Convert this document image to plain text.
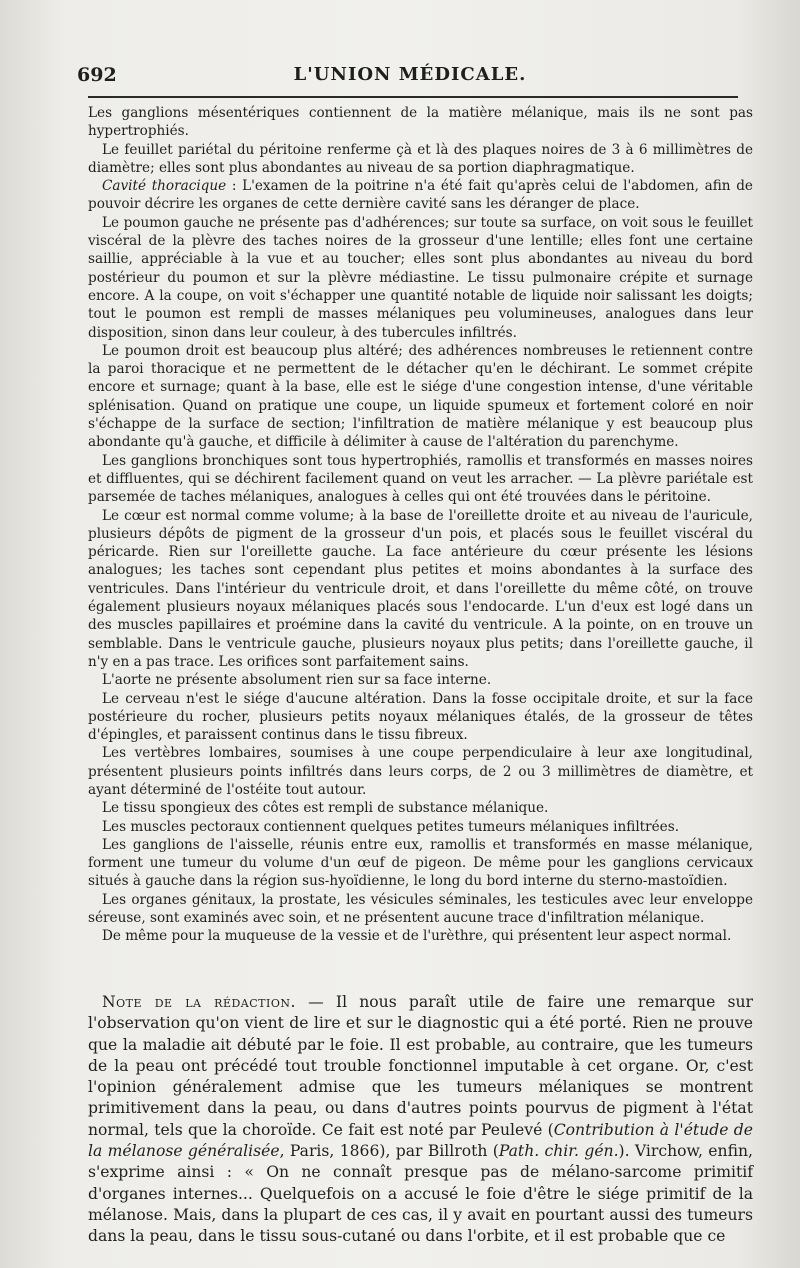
692	L'UNION MÉDICALE.

Les ganglions mésentériques contiennent de la matière mélanique, mais ils ne sont pas hypertrophiés.

Le feuillet pariétal du péritoine renferme çà et là des plaques noires de 3 à 6 millimètres de diamètre; elles sont plus abondantes au niveau de sa portion diaphragmatique.

Cavité thoracique : L'examen de la poitrine n'a été fait qu'après celui de l'abdomen, afin de pouvoir décrire les organes de cette dernière cavité sans les déranger de place.

Le poumon gauche ne présente pas d'adhérences; sur toute sa surface, on voit sous le feuillet viscéral de la plèvre des taches noires de la grosseur d'une lentille; elles font une certaine saillie, appréciable à la vue et au toucher; elles sont plus abondantes au niveau du bord postérieur du poumon et sur la plèvre médiastine. Le tissu pulmonaire crépite et surnage encore. A la coupe, on voit s'échapper une quantité notable de liquide noir salissant les doigts; tout le poumon est rempli de masses mélaniques peu volumineuses, analogues dans leur disposition, sinon dans leur couleur, à des tubercules infiltrés.

Le poumon droit est beaucoup plus altéré; des adhérences nombreuses le retiennent contre la paroi thoracique et ne permettent de le détacher qu'en le déchirant. Le sommet crépite encore et surnage; quant à la base, elle est le siége d'une congestion intense, d'une véritable splénisation. Quand on pratique une coupe, un liquide spumeux et fortement coloré en noir s'échappe de la surface de section; l'infiltration de matière mélanique y est beaucoup plus abondante qu'à gauche, et difficile à délimiter à cause de l'altération du parenchyme.

Les ganglions bronchiques sont tous hypertrophiés, ramollis et transformés en masses noires et diffluentes, qui se déchirent facilement quand on veut les arracher. — La plèvre pariétale est parsemée de taches mélaniques, analogues à celles qui ont été trouvées dans le péritoine.

Le cœur est normal comme volume; à la base de l'oreillette droite et au niveau de l'auricule, plusieurs dépôts de pigment de la grosseur d'un pois, et placés sous le feuillet viscéral du péricarde. Rien sur l'oreillette gauche. La face antérieure du cœur présente les lésions analogues; les taches sont cependant plus petites et moins abondantes à la surface des ventricules. Dans l'intérieur du ventricule droit, et dans l'oreillette du même côté, on trouve également plusieurs noyaux mélaniques placés sous l'endocarde. L'un d'eux est logé dans un des muscles papillaires et proémine dans la cavité du ventricule. A la pointe, on en trouve un semblable. Dans le ventricule gauche, plusieurs noyaux plus petits; dans l'oreillette gauche, il n'y en a pas trace. Les orifices sont parfaitement sains.

L'aorte ne présente absolument rien sur sa face interne.

Le cerveau n'est le siége d'aucune altération. Dans la fosse occipitale droite, et sur la face postérieure du rocher, plusieurs petits noyaux mélaniques étalés, de la grosseur de têtes d'épingles, et paraissent continus dans le tissu fibreux.

Les vertèbres lombaires, soumises à une coupe perpendiculaire à leur axe longitudinal, présentent plusieurs points infiltrés dans leurs corps, de 2 ou 3 millimètres de diamètre, et ayant déterminé de l'ostéite tout autour.

Le tissu spongieux des côtes est rempli de substance mélanique.

Les muscles pectoraux contiennent quelques petites tumeurs mélaniques infiltrées.

Les ganglions de l'aisselle, réunis entre eux, ramollis et transformés en masse mélanique, forment une tumeur du volume d'un œuf de pigeon. De même pour les ganglions cervicaux situés à gauche dans la région sus-hyoïdienne, le long du bord interne du sterno-mastoïdien.

Les organes génitaux, la prostate, les vésicules séminales, les testicules avec leur enveloppe séreuse, sont examinés avec soin, et ne présentent aucune trace d'infiltration mélanique.

De même pour la muqueuse de la vessie et de l'urèthre, qui présentent leur aspect normal.

Note de la rédaction. — Il nous paraît utile de faire une remarque sur l'observation qu'on vient de lire et sur le diagnostic qui a été porté. Rien ne prouve que la maladie ait débuté par le foie. Il est probable, au contraire, que les tumeurs de la peau ont précédé tout trouble fonctionnel imputable à cet organe. Or, c'est l'opinion généralement admise que les tumeurs mélaniques se montrent primitivement dans la peau, ou dans d'autres points pourvus de pigment à l'état normal, tels que la choroïde. Ce fait est noté par Peulevé (Contribution à l'étude de la mélanose généralisée, Paris, 1866), par Billroth (Path. chir. gén.). Virchow, enfin, s'exprime ainsi : « On ne connaît presque pas de mélano-sarcome primitif d'organes internes... Quelquefois on a accusé le foie d'être le siége primitif de la mélanose. Mais, dans la plupart de ces cas, il y avait en pourtant aussi des tumeurs dans la peau, dans le tissu sous-cutané ou dans l'orbite, et il est probable que ce
